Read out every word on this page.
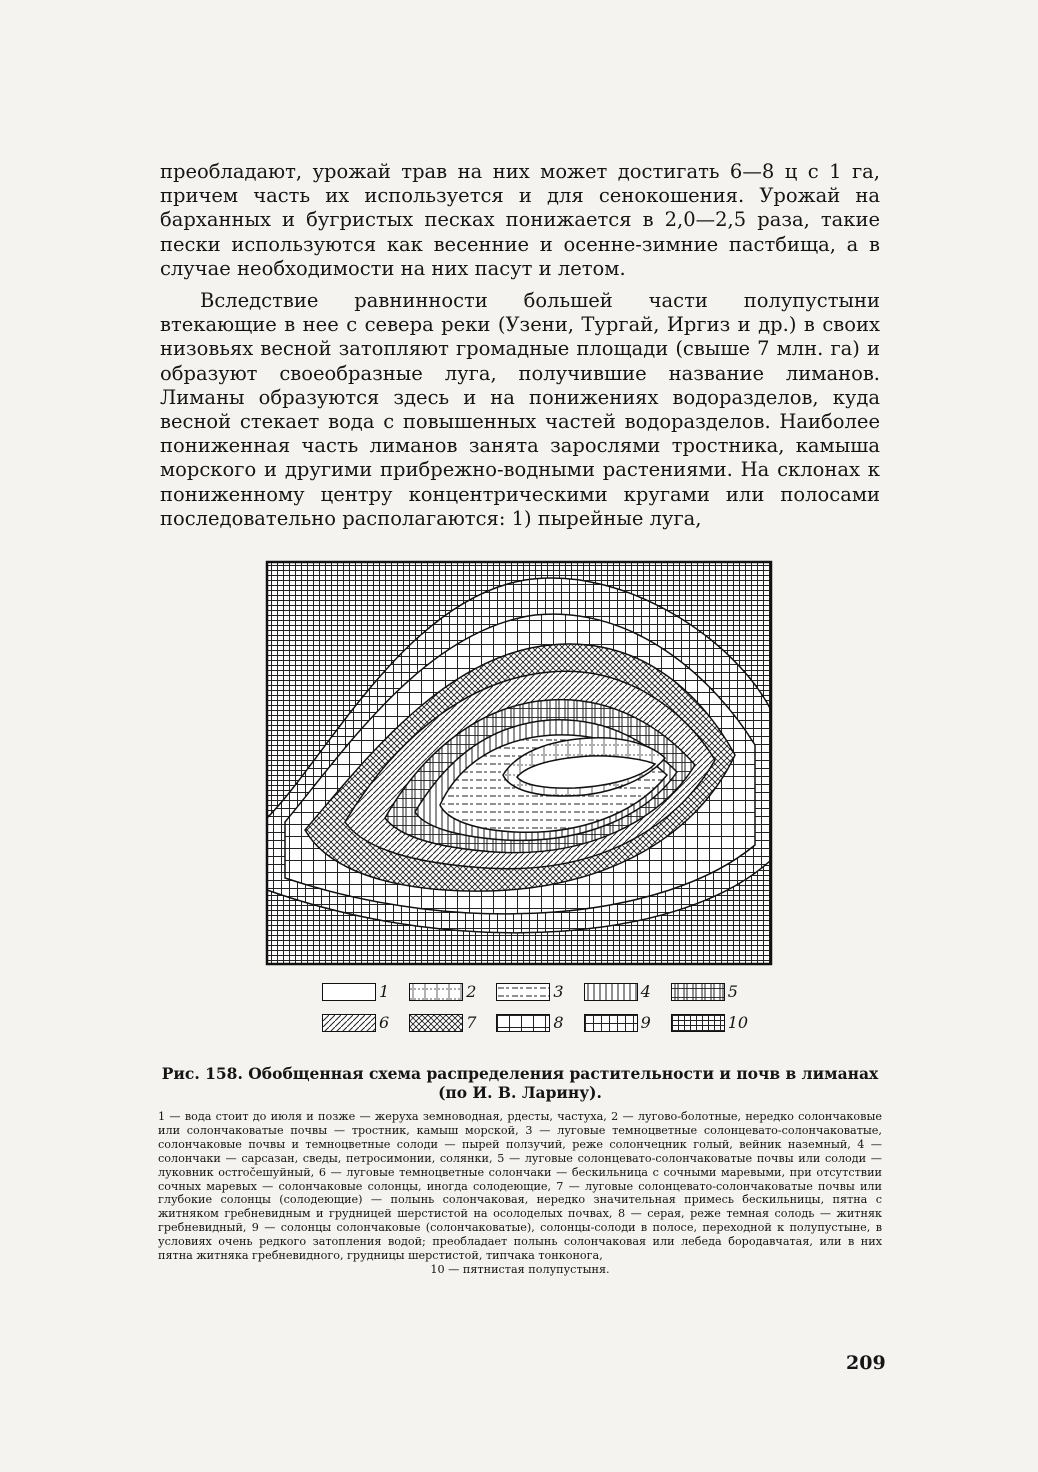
преобладают, урожай трав на них может достигать 6—8 ц с 1 га, причем часть их используется и для сенокошения. Урожай на барханных и бугристых песках понижается в 2,0—2,5 раза, такие пески используются как весенние и осенне-зимние пастбища, а в случае необходимости на них пасут и летом.

Вследствие равнинности большей части полупустыни втекающие в нее с севера реки (Узени, Тургай, Иргиз и др.) в своих низовьях весной затопляют громадные площади (свыше 7 млн. га) и образуют своеобразные луга, получившие название лиманов. Лиманы образуются здесь и на понижениях водоразделов, куда весной стекает вода с повышенных частей водоразделов. Наиболее пониженная часть лиманов занята зарослями тростника, камыша морского и другими прибрежно-водными растениями. На склонах к пониженному центру концентрическими кругами или полосами последовательно располагаются: 1) пырейные луга,

1	2	3	4	5
6	7	8	9	10
Рис. 158. Обобщенная схема распределения растительности и почв в лиманах
(по И. В. Ларину).
1 — вода стоит до июля и позже — жеруха земноводная, рдесты, частуха, 2 — лугово-болотные, нередко солончаковые или солончаковатые почвы — тростник, камыш морской, 3 — луговые темноцветные солонцевато-солончаковатые, солончаковые почвы и темноцветные солоди — пырей ползучий, реже солончецник голый, вейник наземный, 4 — солончаки — сарсазан, сведы, петросимонии, солянки, 5 — луговые солонцевато-солончаковатые почвы или солоди — луковник остročешуйный, 6 — луговые темноцветные солончаки — бескильница с сочными маревыми, при отсутствии сочных маревых — солончаковые солонцы, иногда солодеющие, 7 — луговые солонцевато-солончаковатые почвы или глубокие солонцы (солодеющие) — полынь солончаковая, нередко значительная примесь бескильницы, пятна с житняком гребневидным и грудницей шерстистой на осолоделых почвах, 8 — серая, реже темная солодь — житняк гребневидный, 9 — солонцы солончаковые (солончаковатые), солонцы-солоди в полосе, переходной к полупустыне, в условиях очень редкого затопления водой; преобладает полынь солончаковая или лебеда бородавчатая, или в них пятна житняка гребневидного, грудницы шерстистой, типчака тонконога,
10 — пятнистая полупустыня.
209
